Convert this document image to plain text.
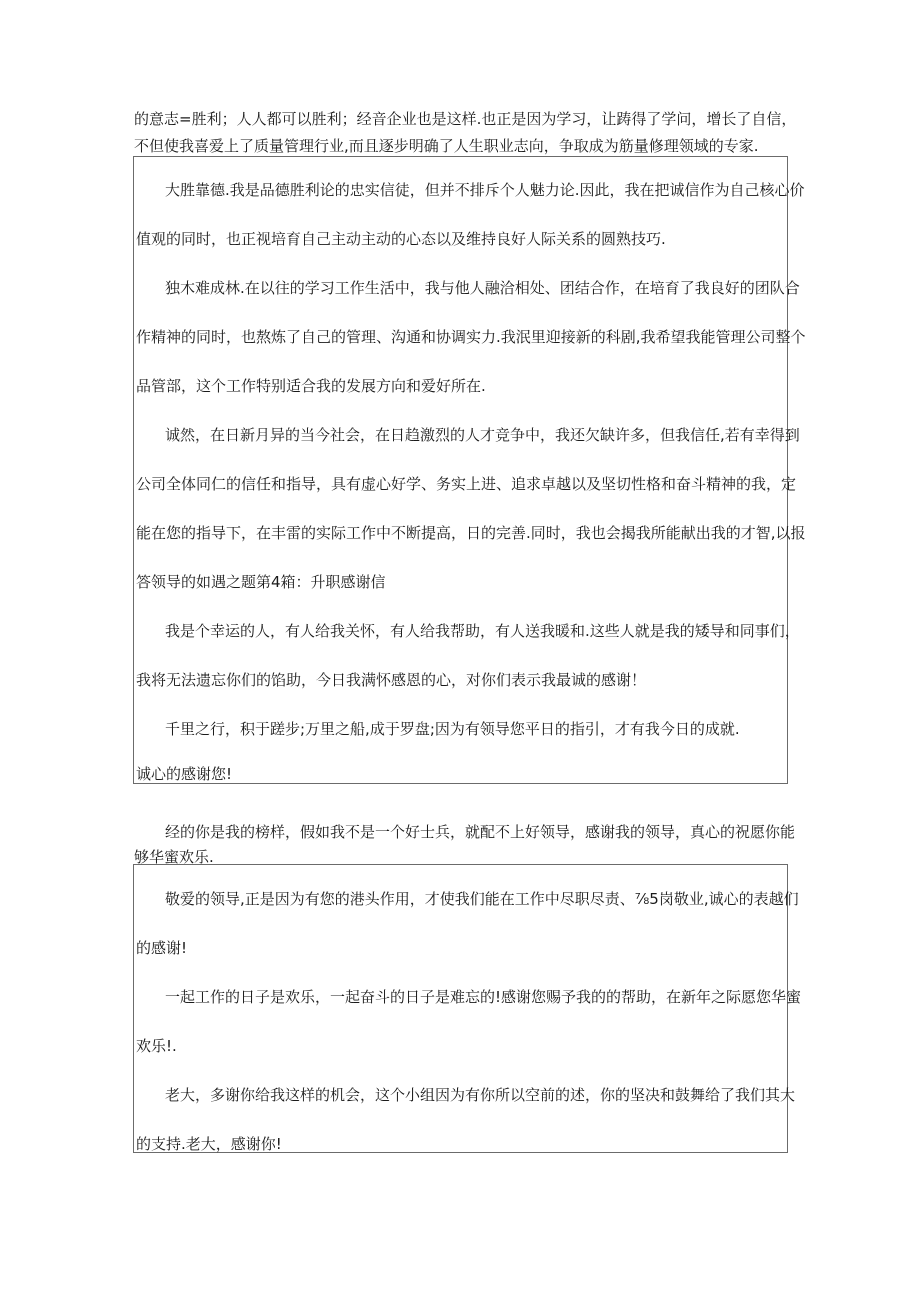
的意志=胜利；人人都可以胜利；经音企业也是这样.也正是因为学习，让踌得了学问，增长了自信，
不但使我喜爱上了质量管理行业,而且逐步明确了人生职业志向，争取成为筋量修理领域的专家.
大胜靠德.我是品德胜利论的忠实信徒，但并不排斥个人魅力论.因此，我在把诚信作为自己核心价
值观的同时，也正视培育自己主动主动的心态以及维持良好人际关系的圆熟技巧.
独木难成林.在以往的学习工作生活中，我与他人融洽相处、团结合作，在培育了我良好的团队合
作精神的同时，也熬炼了自己的管理、沟通和协调实力.我泯里迎接新的科剧,我希望我能管理公司整个
品管部，这个工作特别适合我的发展方向和爱好所在.
诚然，在日新月异的当今社会，在日趋激烈的人才竞争中，我还欠缺许多，但我信任,若有幸得到
公司全体同仁的信任和指导，具有虚心好学、务实上进、追求卓越以及坚切性格和奋斗精神的我，定
能在您的指导下，在丰雷的实际工作中不断提高，日的完善.同时，我也会揭我所能献出我的才智,以报
答领导的如遇之题第4箱：升职感谢信
我是个幸运的人，有人给我关怀，有人给我帮助，有人送我暖和.这些人就是我的矮导和同事们，
我将无法遗忘你们的馅助，今日我满怀感恩的心，对你们表示我最诚的感谢！
千里之行，积于蹉步;万里之船,成于罗盘;因为有领导您平日的指引，才有我今日的成就.
诚心的感谢您!
经的你是我的榜样，假如我不是一个好士兵，就配不上好领导，感谢我的领导，真心的祝愿你能
够华蜜欢乐.
敬爱的领导,正是因为有您的港头作用，才使我们能在工作中尽职尽责、⅞5岗敬业,诚心的表越们
的感谢!
一起工作的日子是欢乐，一起奋斗的日子是难忘的!感谢您赐予我的的帮助，在新年之际愿您华蜜
欢乐!.
老大，多谢你给我这样的机会，这个小组因为有你所以空前的述，你的坚决和鼓舞给了我们其大
的支持.老大，感谢你!
